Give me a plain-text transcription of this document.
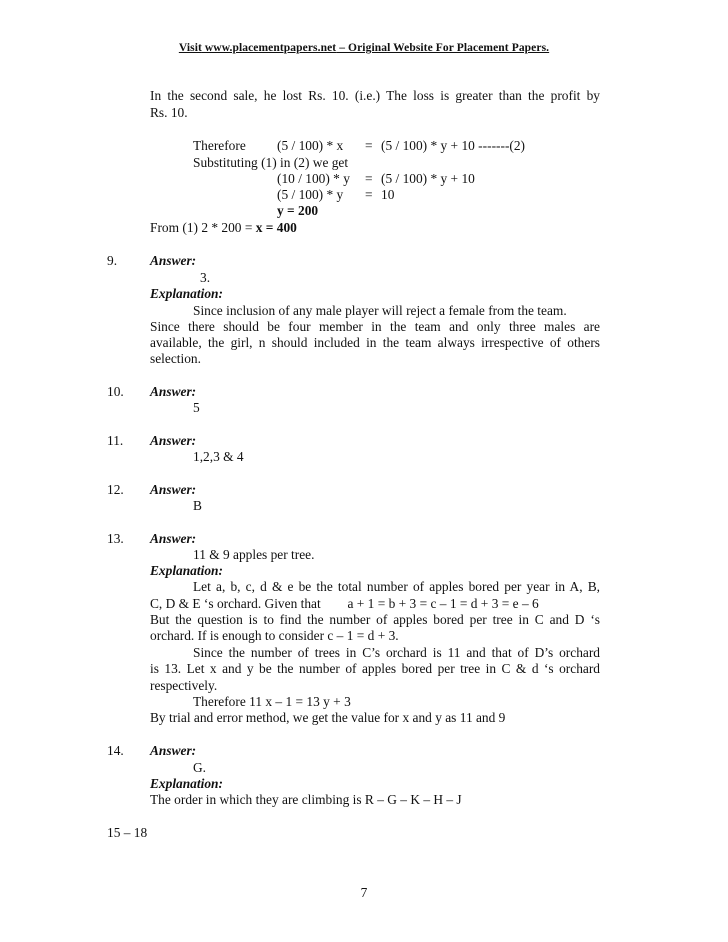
Visit www.placementpapers.net – Original Website For Placement Papers.
In the second sale, he lost Rs. 10. (i.e.) The loss is greater than the profit by
Rs. 10.
Therefore (5 / 100) * x = (5 / 100) * y + 10 -------(2)
Substituting (1) in (2) we get
(10 / 100) * y = (5 / 100) * y + 10
(5 / 100) * y = 10
y = 200
From (1) 2 * 200 = x = 400
9. Answer:
3.
Explanation:
Since inclusion of any male player will reject a female from the team.
Since there should be four member in the team and only three males are
available, the girl, n should included in the team always irrespective of others
selection.
10. Answer:
5
11. Answer:
1,2,3 & 4
12. Answer:
B
13. Answer:
11 & 9 apples per tree.
Explanation:
Let a, b, c, d & e be the total number of apples bored per year in A, B,
C, D & E ‘s orchard. Given that        a + 1 = b + 3 = c – 1 = d + 3 = e – 6
But the question is to find the number of apples bored per tree in C and D ‘s
orchard. If is enough to consider c – 1 = d + 3.
Since the number of trees in C’s orchard is 11 and that of D’s orchard
is 13. Let x and y be the number of apples bored per tree in C & d ‘s orchard
respectively.
Therefore 11 x – 1 = 13 y + 3
By trial and error method, we get the value for x and y as 11 and 9
14. Answer:
G.
Explanation:
The order in which they are climbing is R – G – K – H – J
15 – 18
7
